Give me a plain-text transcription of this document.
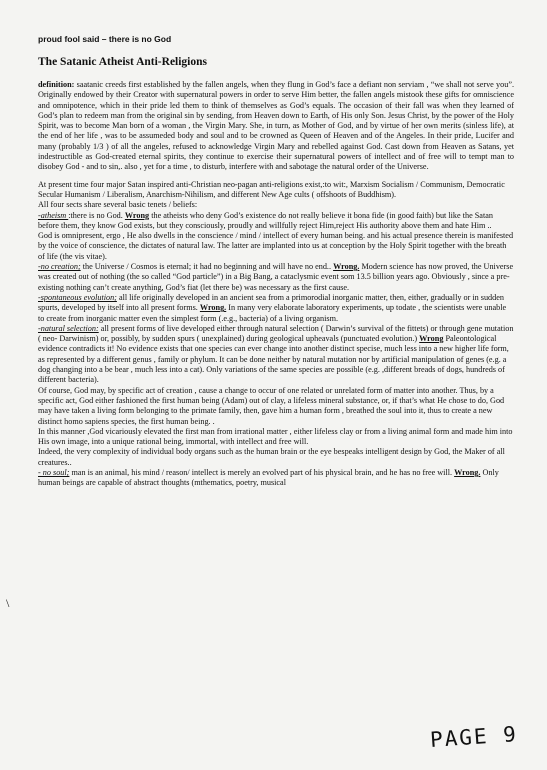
proud fool said – there is no God
The Satanic Atheist Anti-Religions

definition: saatanic creeds first established by the fallen angels, when they flung in God’s face a defiant non serviam , “we shall not serve you”. Originally endowed by their Creator with supernatural powers in order to serve Him better, the fallen angels mistook these gifts for omniscience and omnipotence, which in their pride led them to think of themselves as God’s equals. The occasion of their fall was when they learned of God’s plan to redeem man from the original sin by sending, from Heaven down to Earth, of His only Son. Jesus Christ, by the power of the Holy Spirit, was to become Man born of a woman , the Virgin Mary. She, in turn, as Mother of God, and by virtue of her own merits (sinless life), at the end of her life , was to be assumeded body and soul and to be crowned as Queen of Heaven and of the Angeles. In their pride, Lucifer and many (probably 1/3 ) of all the angeles, refused to acknowledge Virgin Mary and rebelled against God. Cast down from Heaven as Satans, yet indestructible as God-created eternal spirits, they continue to exercise their supernatural powers of intellect and of free will to tempt man to disobey God - and to sin,. also , yet for a time , to disturb, interfere with and sabotage the natural order of the Universe.

At present time four major Satan inspired anti-Christian neo-pagan anti-religions exist,:to wit:, Marxism Socialism / Communism, Democratic Secular Humanism / Liberalism, Anarchism-Nihilism, and different New Age cults ( offshoots of Buddhism).

All four sects share several basic tenets / beliefs:

-atheism :there is no God. Wrong the atheists who deny God’s existence do not really believe it bona fide (in good faith) but like the Satan before them, they know God exists, but they consciously, proudly and willfully reject Him,reject His authority above them and hate Him ..

God is omnipresent, ergo , He also dwells in the conscience / mind / intellect of every human being. and his actual presence therein is manifested by the voice of conscience, the dictates of natural law. The latter are implanted into us at conception by the Holy Spirit together with the breath of life (the vis vitae).

-no creation; the Universe / Cosmos is eternal; it had no beginning and will have no end.. Wrong. Modern science has now proved, the Universe was created out of nothing (the so called “God particle”) in a Big Bang, a cataclysmic event som 13.5 billion years ago. Obviously , since a pre-existing nothing can’t create anything, God’s fiat (let there be) was necessary as the first cause.

-spontaneous evolution; all life originally developed in an ancient sea from a primorodial inorganic matter, then, either, gradually or in sudden spurts, developed by itself into all present forms. Wrong. In many very elaborate laboratory experiments, up todate , the scientists were unable to create from inorganic matter even the simplest form (.e.g., bacteria) of a living organism.

-natural selection: all present forms of live developed either through natural selection ( Darwin’s survival of the fittets) or through gene mutation ( neo- Darwinism) or, possibly, by sudden spurs ( unexplained) during geological upheavals (punctuated evolution.) Wrong Paleontological evidence contradicts it! No evidence exists that one species can ever change into another distinct specise, much less into a new higher life form, as represented by a different genus , family or phylum. It can be done neither by natural mutation nor by artificial manipulation of genes (e.g. a dog changing into a be bear , much less into a cat). Only variations of the same species are possible (e.g. ,different breads of dogs, hundreds of different bacteria).

Of course, God may, by specific act of creation , cause a change to occur of one related or unrelated form of matter into another. Thus, by a specific act, God either fashioned the first human being (Adam) out of clay, a lifeless mineral substance, or, if that’s what He chose to do, God may have taken a living form belonging to the primate family, then, gave him a human form , breathed the soul into it, thus to create a new distinct homo sapiens species, the first human being. .

In this manner ,God vicariously elevated the first man from irrational matter , either lifeless clay or from a living animal form and made him into His own image, into a unique rational being, immortal, with intellect and free will.

Indeed, the very complexity of individual body organs such as the human brain or the eye bespeaks intelligent design by God, the Maker of all creatures..

- no soul; man is an animal, his mind / reason/ intellect is merely an evolved part of his physical brain, and he has no free will. Wrong. Only human beings are capable of abstract thoughts (mthematics, poetry, musical

\
PAGE 9
